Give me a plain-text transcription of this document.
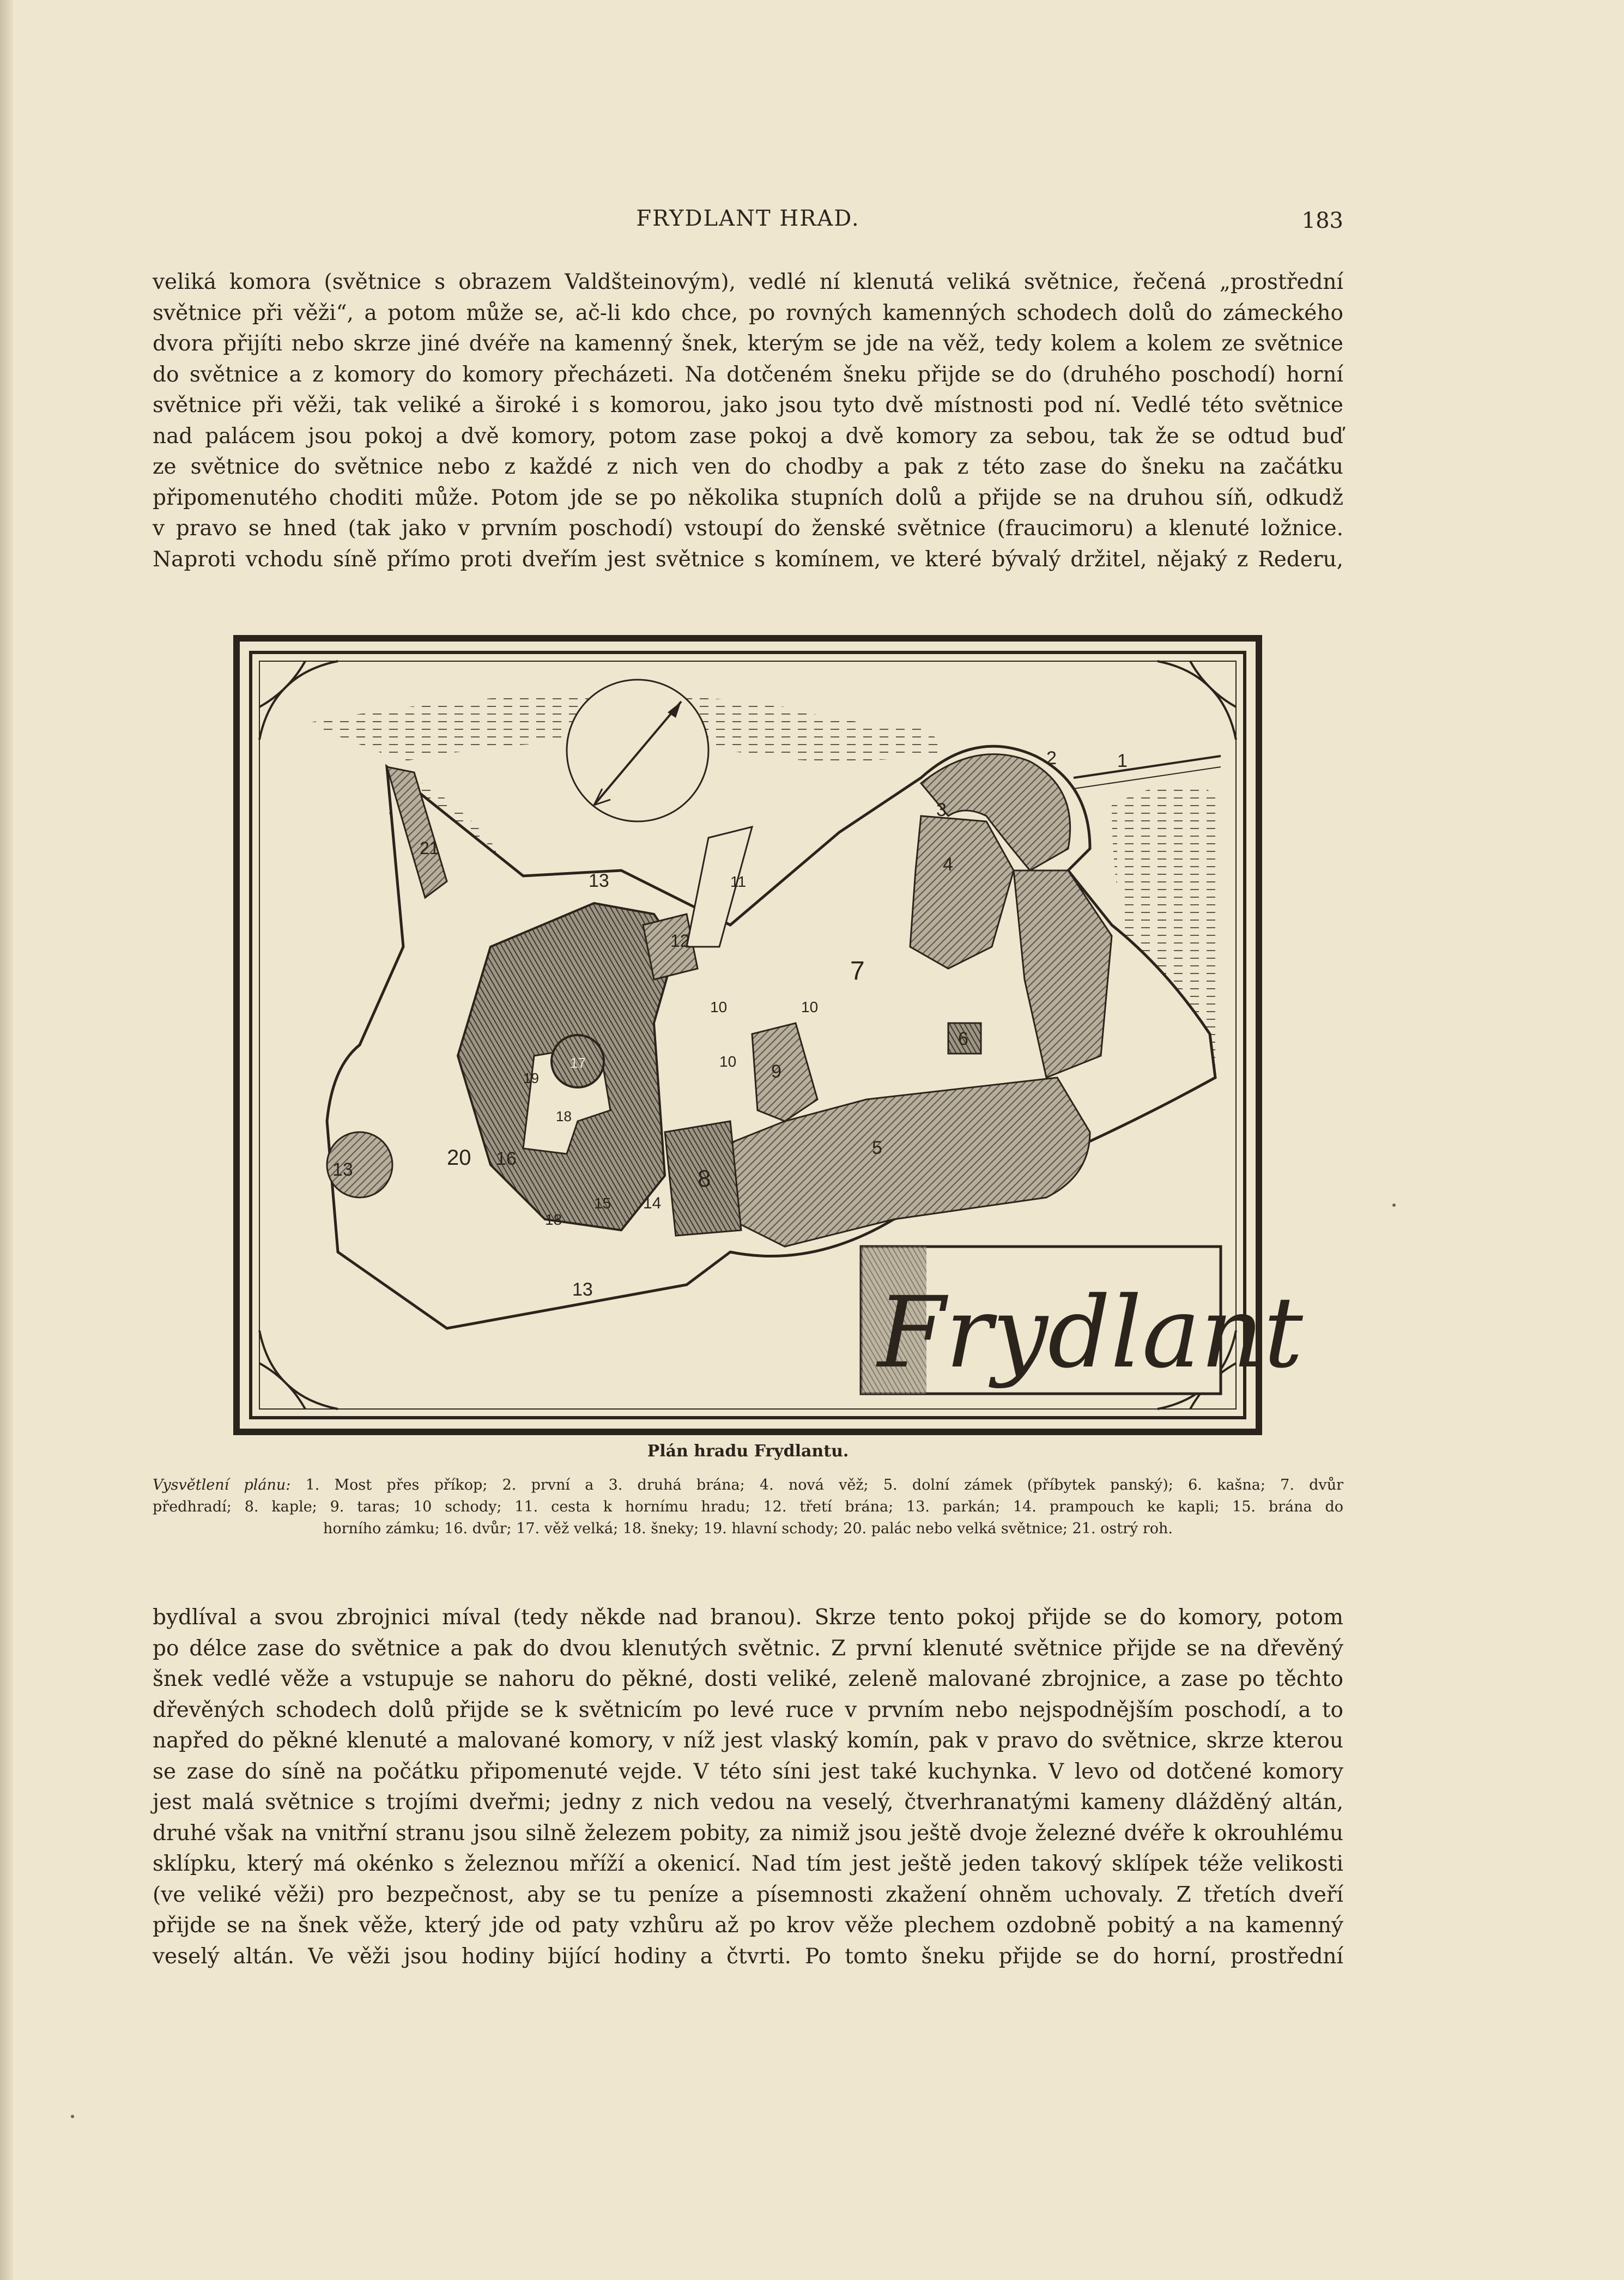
FRYDLANT HRAD.	183
veliká komora (světnice s obrazem Valdšteinovým), vedlé ní klenutá veliká světnice, řečená „prostřední
světnice při věži“, a potom může se, ač-li kdo chce, po rovných kamenných schodech dolů do zámeckého
dvora přijíti nebo skrze jiné dvéře na kamenný šnek, kterým se jde na věž, tedy kolem a kolem ze světnice
do světnice a z komory do komory přecházeti. Na dotčeném šneku přijde se do (druhého poschodí) horní
světnice při věži, tak veliké a široké i s komorou, jako jsou tyto dvě místnosti pod ní. Vedlé této světnice
nad palácem jsou pokoj a dvě komory, potom zase pokoj a dvě komory za sebou, tak že se odtud buď
ze světnice do světnice nebo z každé z nich ven do chodby a pak z této zase do šneku na začátku
připomenutého choditi může. Potom jde se po několika stupních dolů a přijde se na druhou síň, odkudž
v pravo se hned (tak jako v prvním poschodí) vstoupí do ženské světnice (fraucimoru) a klenuté ložnice.
Naproti vchodu síně přímo proti dveřím jest světnice s komínem, ve které bývalý držitel, nějaký z Rederu,
1
2
3
4
5
6
7
8
9
10	10
10
11
12
13
13
13
14
15
16
17
18
18
19
20
21
Frydlant
Plán hradu Frydlantu.
Vysvětlení plánu: 1. Most přes příkop; 2. první a 3. druhá brána; 4. nová věž; 5. dolní zámek (příbytek panský); 6. kašna; 7. dvůr
předhradí; 8. kaple; 9. taras; 10 schody; 11. cesta k hornímu hradu; 12. třetí brána; 13. parkán; 14. prampouch ke kapli; 15. brána do
horního zámku; 16. dvůr; 17. věž velká; 18. šneky; 19. hlavní schody; 20. palác nebo velká světnice; 21. ostrý roh.
bydlíval a svou zbrojnici míval (tedy někde nad branou). Skrze tento pokoj přijde se do komory, potom
po délce zase do světnice a pak do dvou klenutých světnic. Z první klenuté světnice přijde se na dřevěný
šnek vedlé věže a vstupuje se nahoru do pěkné, dosti veliké, zeleně malované zbrojnice, a zase po těchto
dřevěných schodech dolů přijde se k světnicím po levé ruce v prvním nebo nejspodnějším poschodí, a to
napřed do pěkné klenuté a malované komory, v níž jest vlaský komín, pak v pravo do světnice, skrze kterou
se zase do síně na počátku připomenuté vejde. V této síni jest také kuchynka. V levo od dotčené komory
jest malá světnice s trojími dveřmi; jedny z nich vedou na veselý, čtverhranatými kameny dlážděný altán,
druhé však na vnitřní stranu jsou silně železem pobity, za nimiž jsou ještě dvoje železné dvéře k okrouhlému
sklípku, který má okénko s železnou mříží a okenicí. Nad tím jest ještě jeden takový sklípek téže velikosti
(ve veliké věži) pro bezpečnost, aby se tu peníze a písemnosti zkažení ohněm uchovaly. Z třetích dveří
přijde se na šnek věže, který jde od paty vzhůru až po krov věže plechem ozdobně pobitý a na kamenný
veselý altán. Ve věži jsou hodiny bijící hodiny a čtvrti. Po tomto šneku přijde se do horní, prostřední
